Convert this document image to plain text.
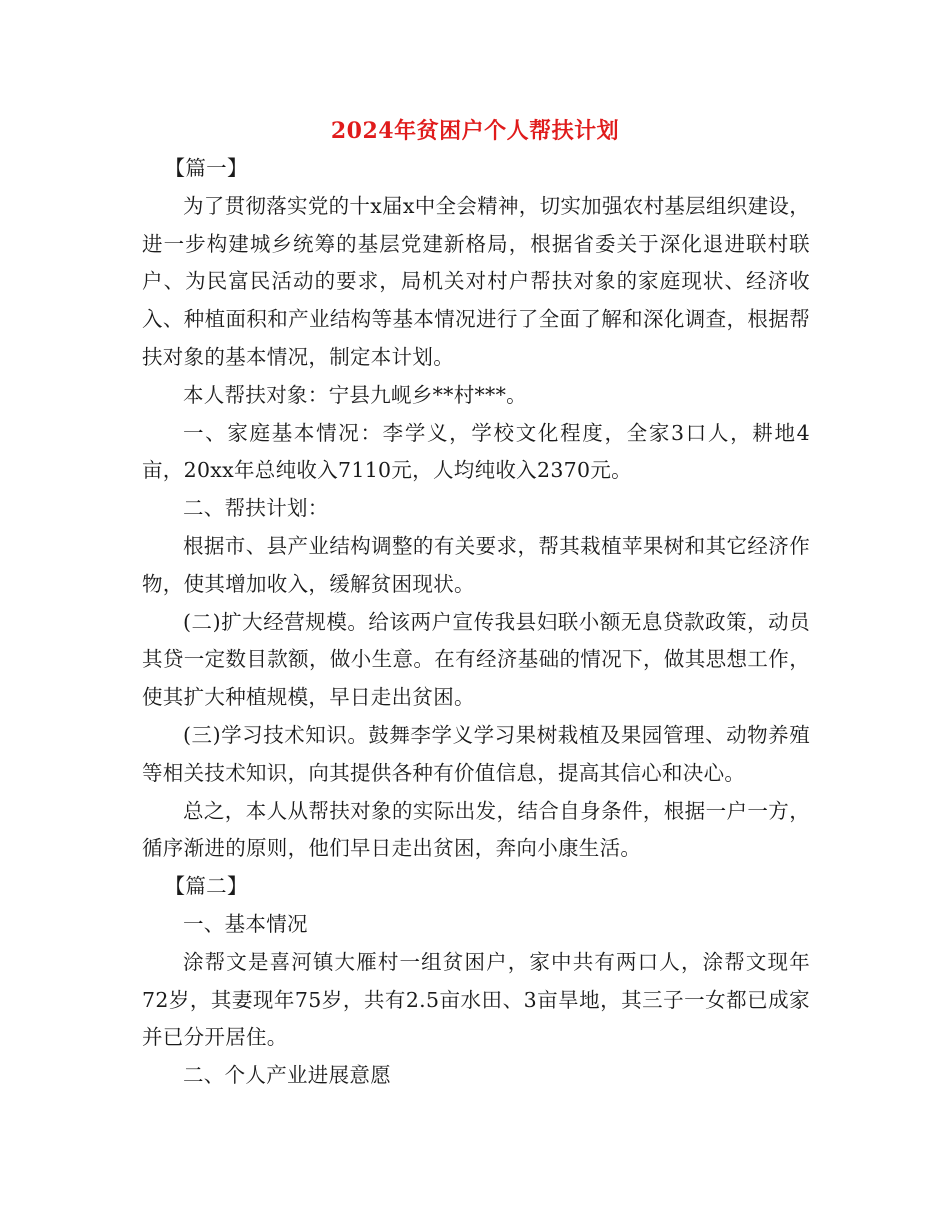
2024年贫困户个人帮扶计划

【篇一】

为了贯彻落实党的十x届x中全会精神，切实加强农村基层组织建设，进一步构建城乡统筹的基层党建新格局，根据省委关于深化退进联村联户、为民富民活动的要求，局机关对村户帮扶对象的家庭现状、经济收入、种植面积和产业结构等基本情况进行了全面了解和深化调查，根据帮扶对象的基本情况，制定本计划。

本人帮扶对象：宁县九岘乡**村***。

一、家庭基本情况：李学义，学校文化程度，全家3口人，耕地4亩，20xx年总纯收入7110元，人均纯收入2370元。

二、帮扶计划：

根据市、县产业结构调整的有关要求，帮其栽植苹果树和其它经济作物，使其增加收入，缓解贫困现状。

(二)扩大经营规模。给该两户宣传我县妇联小额无息贷款政策，动员其贷一定数目款额，做小生意。在有经济基础的情况下，做其思想工作，使其扩大种植规模，早日走出贫困。

(三)学习技术知识。鼓舞李学义学习果树栽植及果园管理、动物养殖等相关技术知识，向其提供各种有价值信息，提高其信心和决心。

总之，本人从帮扶对象的实际出发，结合自身条件，根据一户一方，循序渐进的原则，他们早日走出贫困，奔向小康生活。

【篇二】

一、基本情况

涂帮文是喜河镇大雁村一组贫困户，家中共有两口人，涂帮文现年72岁，其妻现年75岁，共有2.5亩水田、3亩旱地，其三子一女都已成家并已分开居住。

二、个人产业进展意愿
